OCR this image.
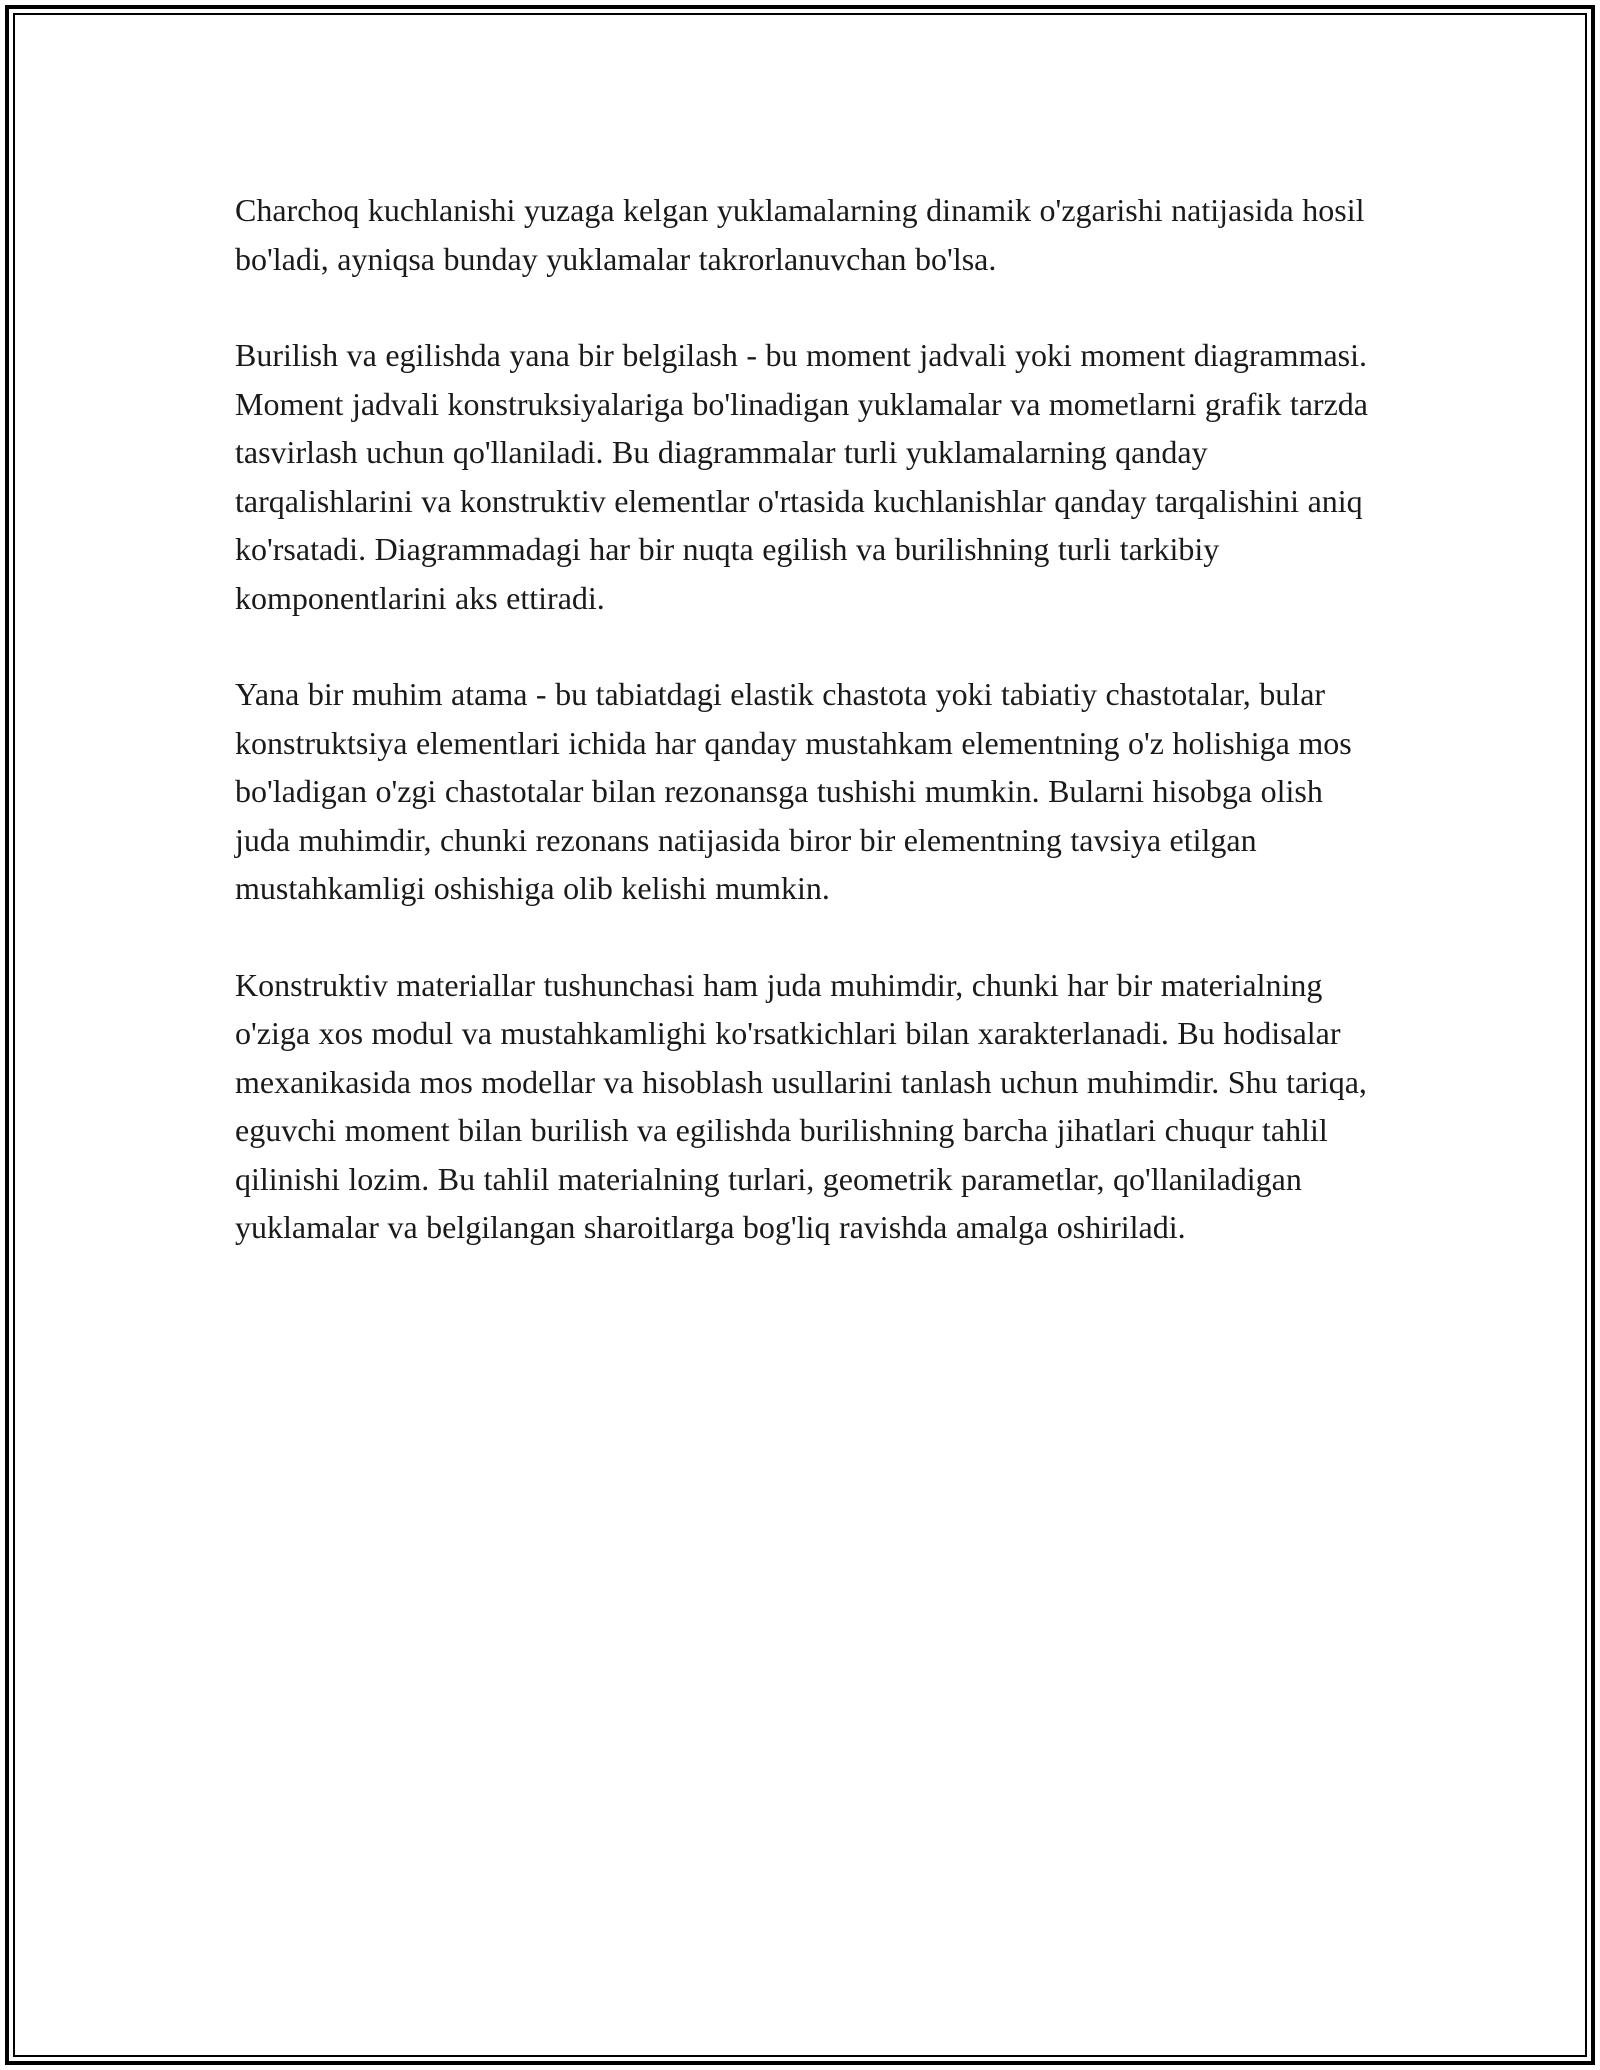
Charchoq kuchlanishi yuzaga kelgan yuklamalarning dinamik o'zgarishi natijasida hosil bo'ladi, ayniqsa bunday yuklamalar takrorlanuvchan bo'lsa.

Burilish va egilishda yana bir belgilash - bu moment jadvali yoki moment diagrammasi. Moment jadvali konstruksiyalariga bo'linadigan yuklamalar va mometlarni grafik tarzda tasvirlash uchun qo'llaniladi. Bu diagrammalar turli yuklamalarning qanday tarqalishlarini va konstruktiv elementlar o'rtasida kuchlanishlar qanday tarqalishini aniq ko'rsatadi. Diagrammadagi har bir nuqta egilish va burilishning turli tarkibiy komponentlarini aks ettiradi.

Yana bir muhim atama - bu tabiatdagi elastik chastota yoki tabiatiy chastotalar, bular konstruktsiya elementlari ichida har qanday mustahkam elementning o'z holishiga mos bo'ladigan o'zgi chastotalar bilan rezonansga tushishi mumkin. Bularni hisobga olish juda muhimdir, chunki rezonans natijasida biror bir elementning tavsiya etilgan mustahkamligi oshishiga olib kelishi mumkin.

Konstruktiv materiallar tushunchasi ham juda muhimdir, chunki har bir materialning o'ziga xos modul va mustahkamlighi ko'rsatkichlari bilan xarakterlanadi. Bu hodisalar mexanikasida mos modellar va hisoblash usullarini tanlash uchun muhimdir. Shu tariqa, eguvchi moment bilan burilish va egilishda burilishning barcha jihatlari chuqur tahlil qilinishi lozim. Bu tahlil materialning turlari, geometrik parametlar, qo'llaniladigan yuklamalar va belgilangan sharoitlarga bog'liq ravishda amalga oshiriladi.
